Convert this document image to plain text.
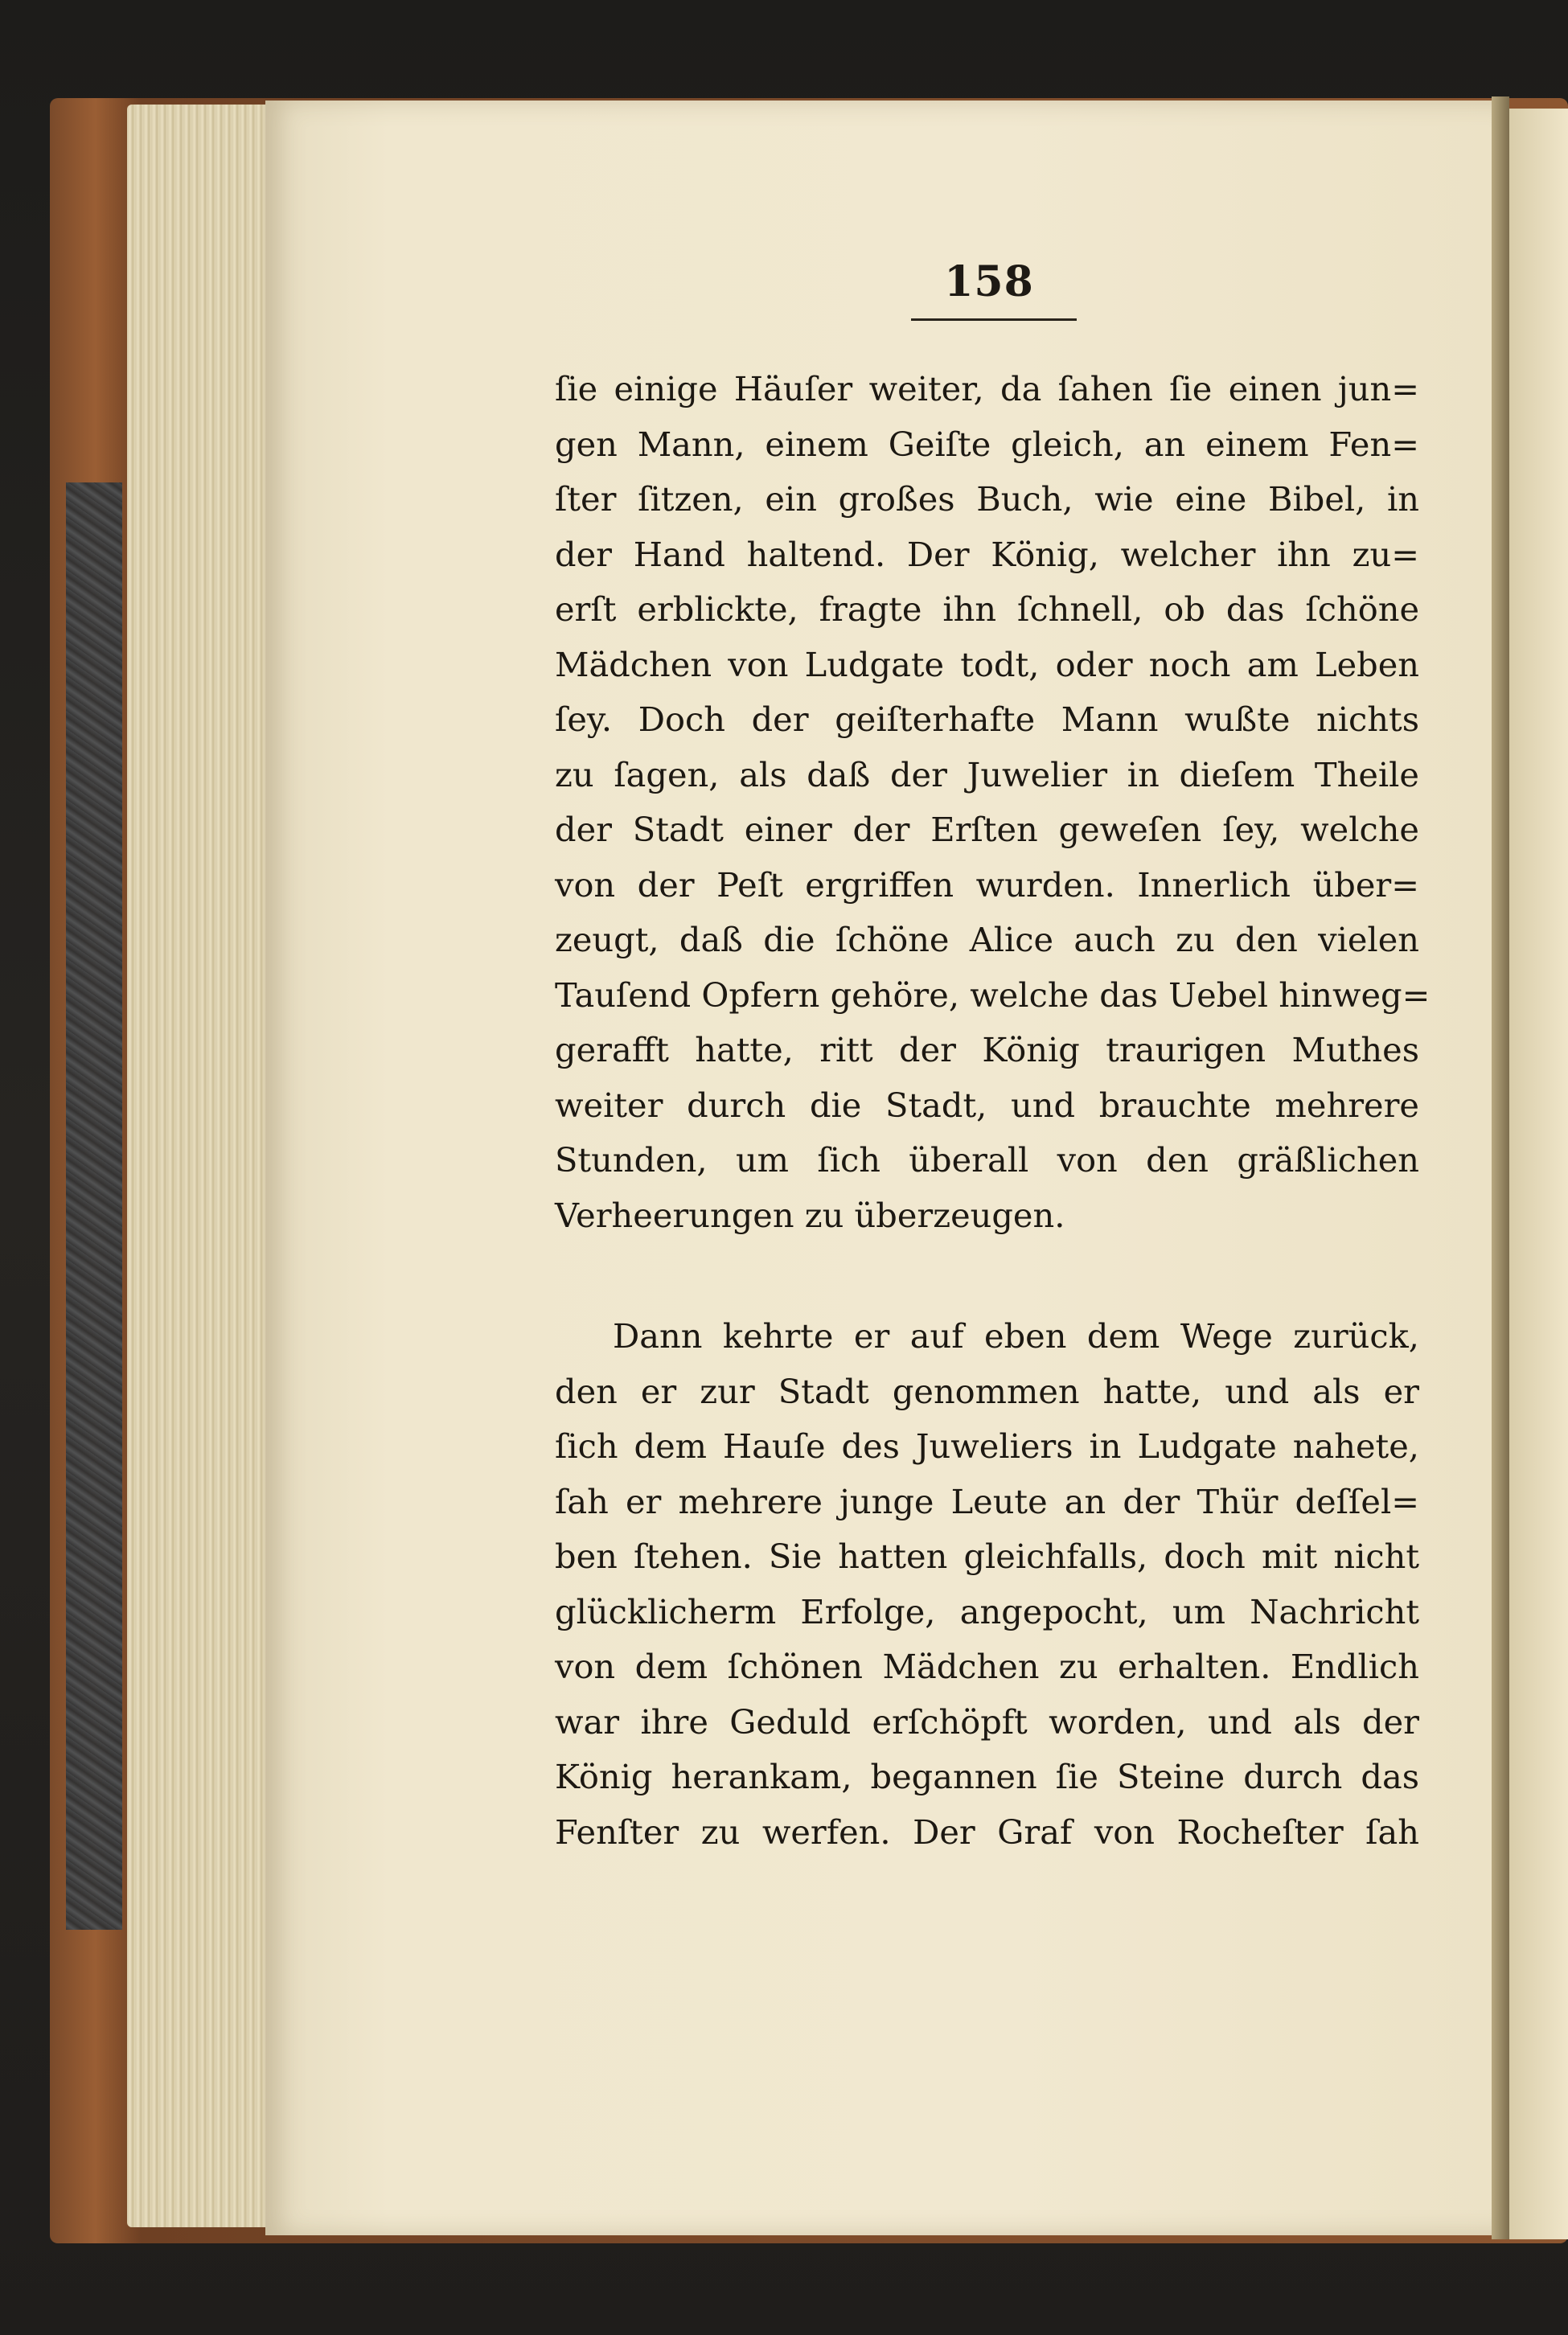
158
ſie einige Häuſer weiter, da ſahen ſie einen jun=
gen Mann, einem Geiſte gleich, an einem Fen=
ſter ſitzen, ein großes Buch, wie eine Bibel, in
der Hand haltend. Der König, welcher ihn zu=
erſt erblickte, fragte ihn ſchnell, ob das ſchöne
Mädchen von Ludgate todt, oder noch am Leben
ſey. Doch der geiſterhafte Mann wußte nichts
zu ſagen, als daß der Juwelier in dieſem Theile
der Stadt einer der Erſten geweſen ſey, welche
von der Peſt ergriffen wurden. Innerlich über=
zeugt, daß die ſchöne Alice auch zu den vielen
Tauſend Opfern gehöre, welche das Uebel hinweg=
gerafft hatte, ritt der König traurigen Muthes
weiter durch die Stadt, und brauchte mehrere
Stunden, um ſich überall von den gräßlichen
Verheerungen zu überzeugen.
Dann kehrte er auf eben dem Wege zurück,
den er zur Stadt genommen hatte, und als er
ſich dem Hauſe des Juweliers in Ludgate nahete,
ſah er mehrere junge Leute an der Thür deſſel=
ben ſtehen. Sie hatten gleichfalls, doch mit nicht
glücklicherm Erfolge, angepocht, um Nachricht
von dem ſchönen Mädchen zu erhalten. Endlich
war ihre Geduld erſchöpft worden, und als der
König herankam, begannen ſie Steine durch das
Fenſter zu werfen. Der Graf von Rocheſter ſah
